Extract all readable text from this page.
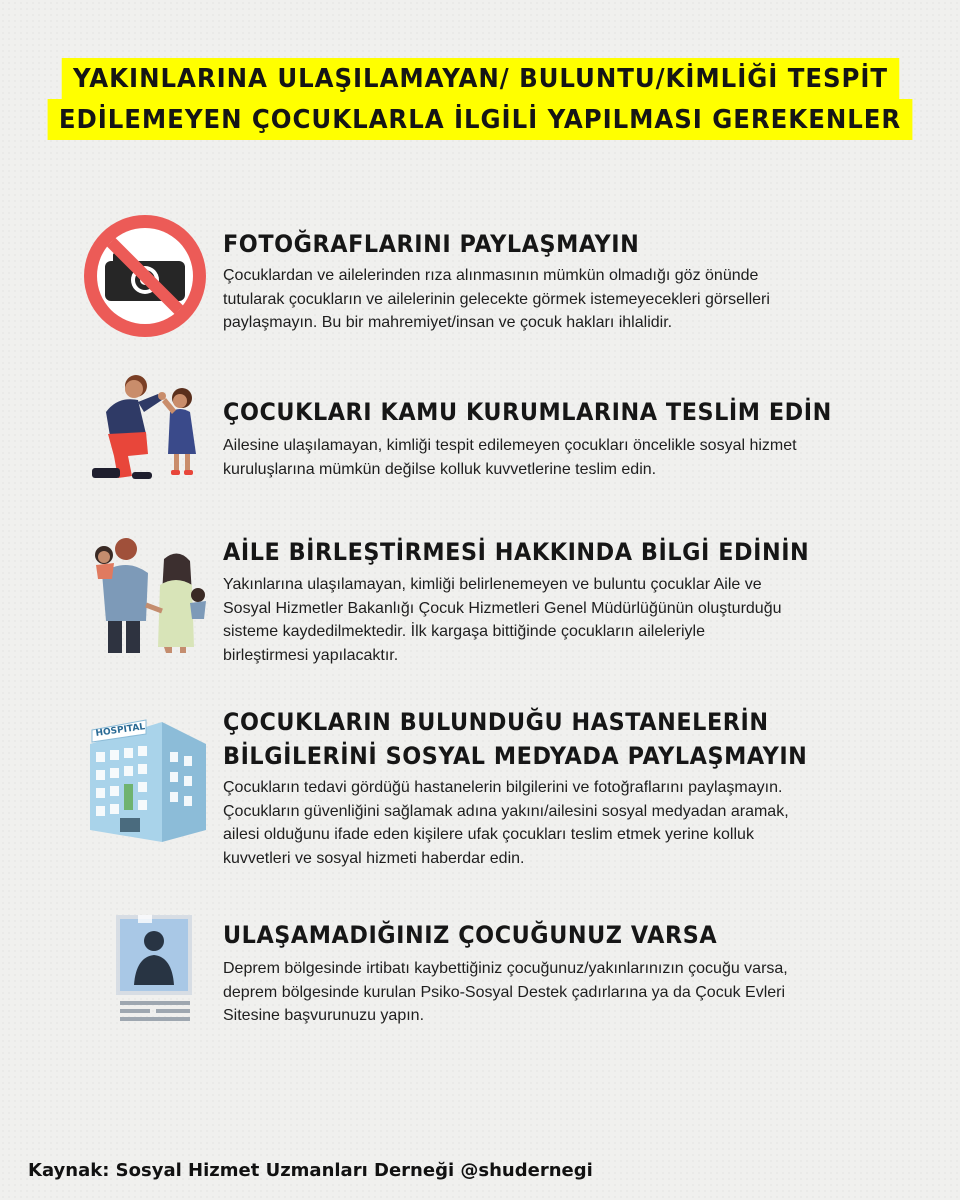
YAKINLARINA ULAŞILAMAYAN/ BULUNTU/KİMLİĞİ TESPİT
EDİLEMEYEN ÇOCUKLARLA İLGİLİ YAPILMASI GEREKENLER
FOTOĞRAFLARINI PAYLAŞMAYIN
Çocuklardan ve ailelerinden rıza alınmasının mümkün olmadığı göz önünde
tutularak çocukların ve ailelerinin gelecekte görmek istemeyecekleri görselleri
paylaşmayın. Bu bir mahremiyet/insan ve çocuk hakları ihlalidir.
ÇOCUKLARI KAMU KURUMLARINA TESLİM EDİN
Ailesine ulaşılamayan, kimliği tespit edilemeyen çocukları öncelikle sosyal hizmet
kuruluşlarına mümkün değilse kolluk kuvvetlerine teslim edin.
AİLE BİRLEŞTİRMESİ HAKKINDA BİLGİ EDİNİN
Yakınlarına ulaşılamayan, kimliği belirlenemeyen ve buluntu çocuklar Aile ve
Sosyal Hizmetler Bakanlığı Çocuk Hizmetleri Genel Müdürlüğünün oluşturduğu
sisteme kaydedilmektedir. İlk kargaşa bittiğinde çocukların aileleriyle
birleştirmesi yapılacaktır.
HOSPITAL	ÇOCUKLARIN BULUNDUĞU HASTANELERİN
BİLGİLERİNİ SOSYAL MEDYADA PAYLAŞMAYIN
Çocukların tedavi gördüğü hastanelerin bilgilerini ve fotoğraflarını paylaşmayın.
Çocukların güvenliğini sağlamak adına yakını/ailesini sosyal medyadan aramak,
ailesi olduğunu ifade eden kişilere ufak çocukları teslim etmek yerine kolluk
kuvvetleri ve sosyal hizmeti haberdar edin.
ULAŞAMADIĞINIZ ÇOCUĞUNUZ VARSA
Deprem bölgesinde irtibatı kaybettiğiniz çocuğunuz/yakınlarınızın çocuğu varsa,
deprem bölgesinde kurulan Psiko-Sosyal Destek çadırlarına ya da Çocuk Evleri
Sitesine başvurunuzu yapın.
Kaynak: Sosyal Hizmet Uzmanları Derneği @shudernegi
